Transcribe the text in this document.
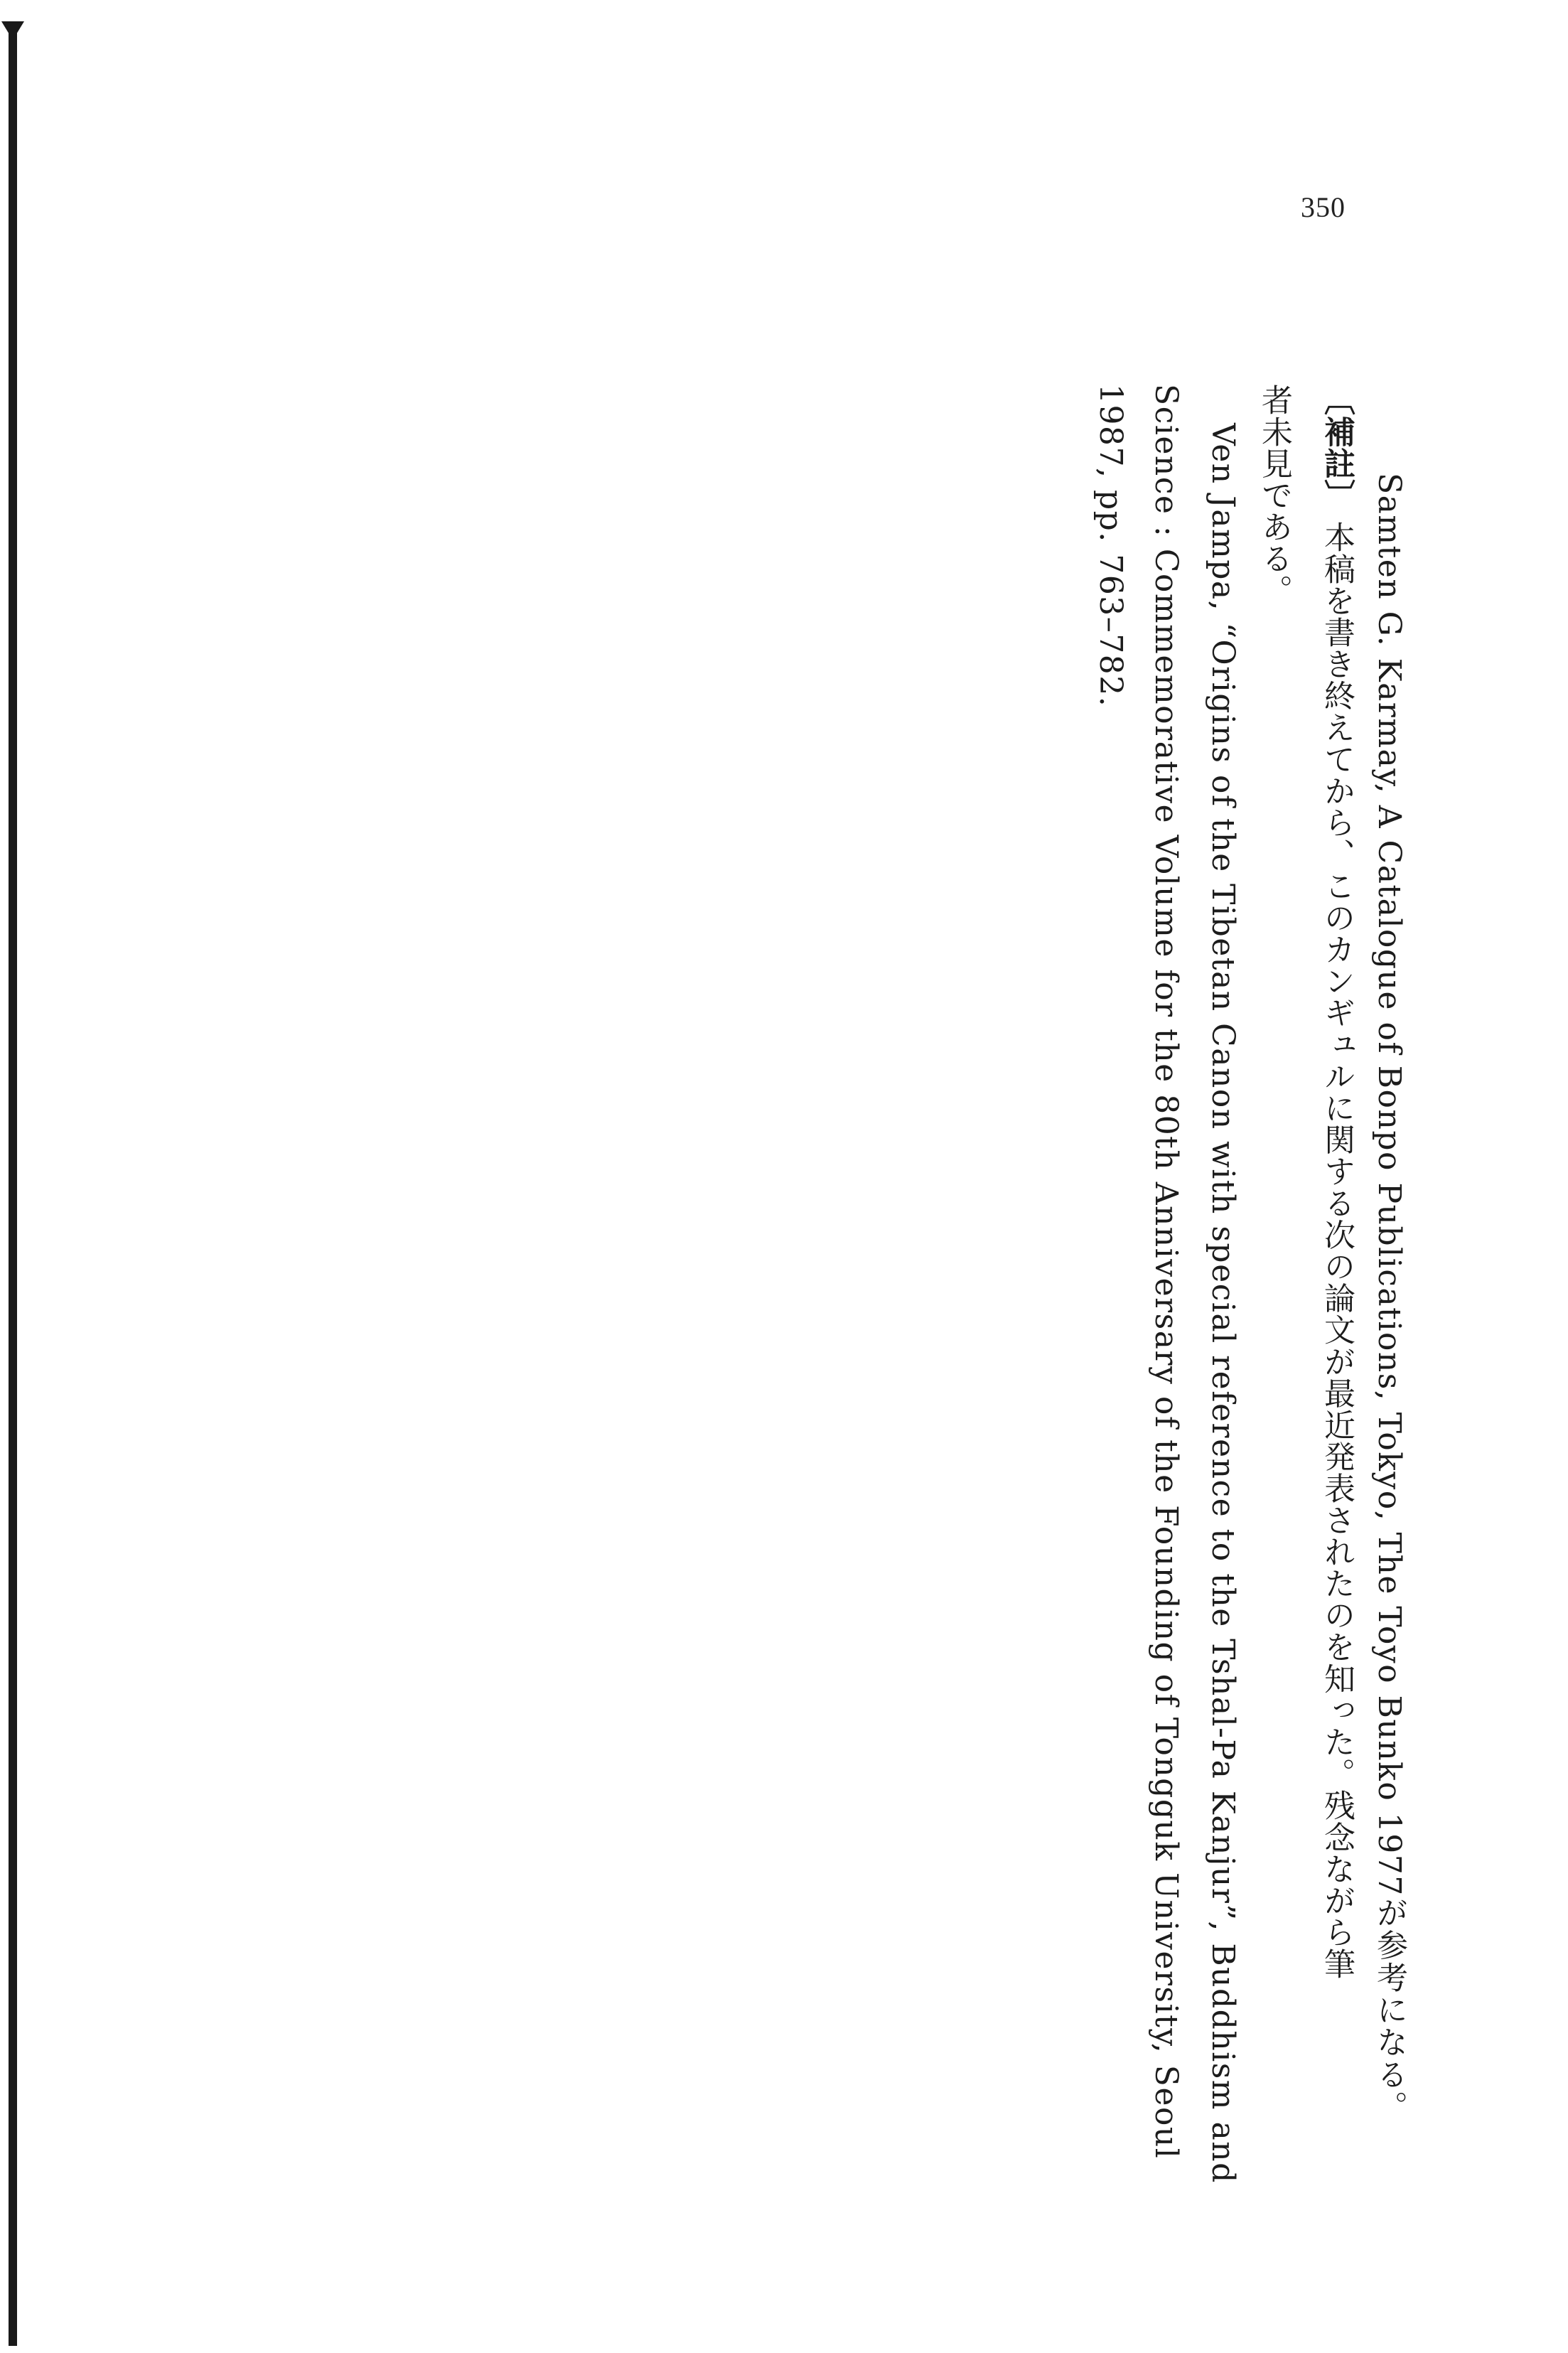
350
Samten G. Karmay, A Catalogue of Bonpo Publications, Tokyo, The Toyo Bunko 1977が参考になる。
〔補註〕 本稿を書き終えてから、このカンギュルに関する次の論文が最近発表されたのを知った。残念ながら筆
者未見である。
Ven Jampa, “Origins of the Tibetan Canon with special reference to the Tshal-Pa Kanjur”, Buddhism and
Science : Commemorative Volume for the 80th Anniversary of the Founding of Tongguk University, Seoul
1987, pp. 763–782.
